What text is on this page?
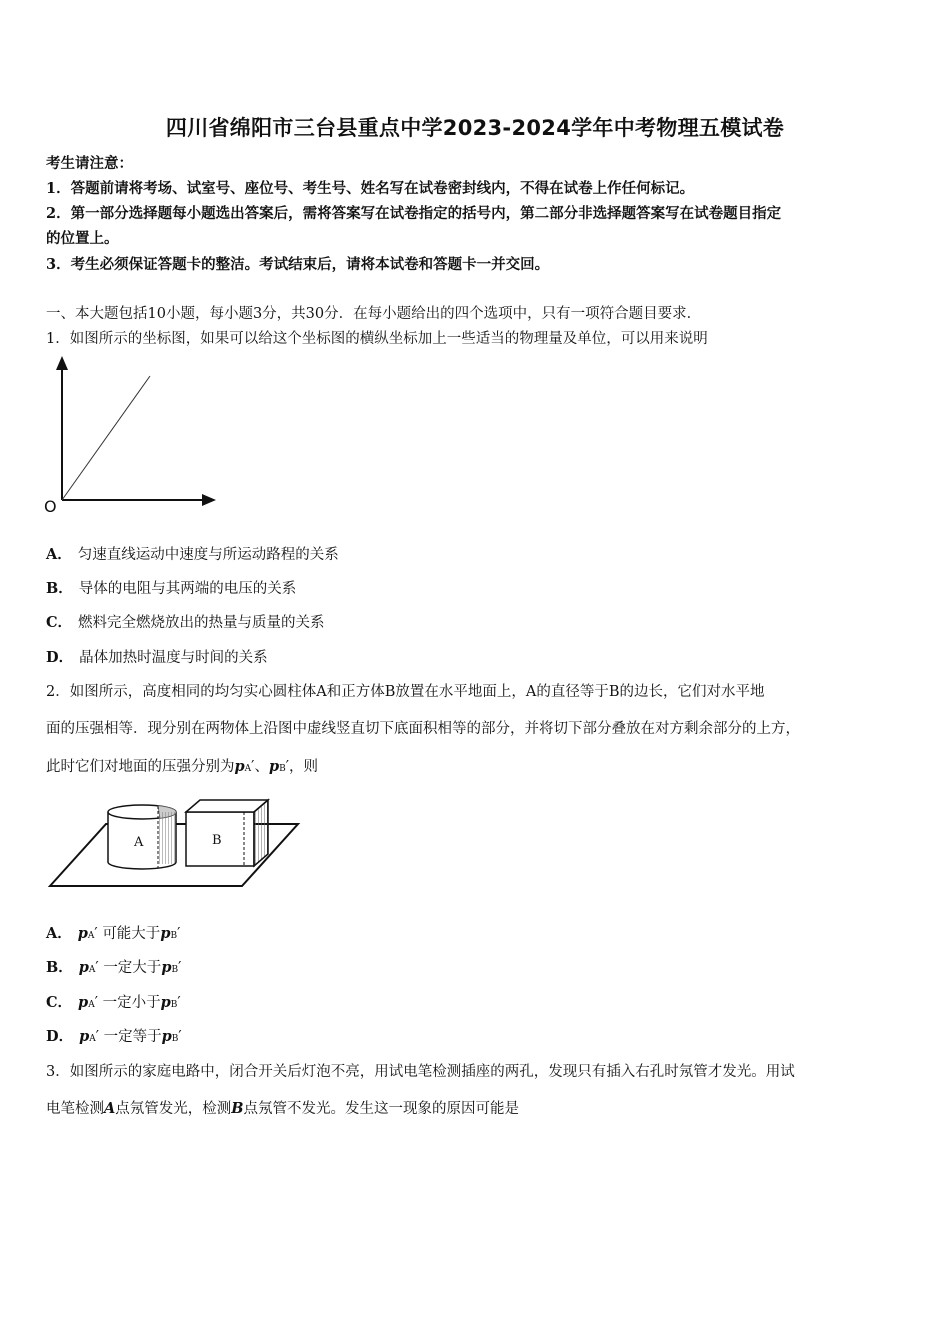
四川省绵阳市三台县重点中学2023-2024学年中考物理五模试卷
考生请注意：
1．答题前请将考场、试室号、座位号、考生号、姓名写在试卷密封线内，不得在试卷上作任何标记。
2．第一部分选择题每小题选出答案后，需将答案写在试卷指定的括号内，第二部分非选择题答案写在试卷题目指定
的位置上。
3．考生必须保证答题卡的整洁。考试结束后，请将本试卷和答题卡一并交回。
一、本大题包括10小题，每小题3分，共30分．在每小题给出的四个选项中，只有一项符合题目要求．
1．如图所示的坐标图，如果可以给这个坐标图的横纵坐标加上一些适当的物理量及单位，可以用来说明
O
A． 匀速直线运动中速度与所运动路程的关系
B． 导体的电阻与其两端的电压的关系
C． 燃料完全燃烧放出的热量与质量的关系
D． 晶体加热时温度与时间的关系
2．如图所示，高度相同的均匀实心圆柱体A和正方体B放置在水平地面上，A的直径等于B的边长，它们对水平地
面的压强相等．现分别在两物体上沿图中虚线竖直切下底面积相等的部分，并将切下部分叠放在对方剩余部分的上方，
此时它们对地面的压强分别为pA′、pB′，则
A	B
A． pA′ 可能大于pB′
B． pA′ 一定大于pB′
C． pA′ 一定小于pB′
D． pA′ 一定等于pB′
3．如图所示的家庭电路中，闭合开关后灯泡不亮，用试电笔检测插座的两孔，发现只有插入右孔时氖管才发光。用试
电笔检测A点氖管发光，检测B点氖管不发光。发生这一现象的原因可能是
